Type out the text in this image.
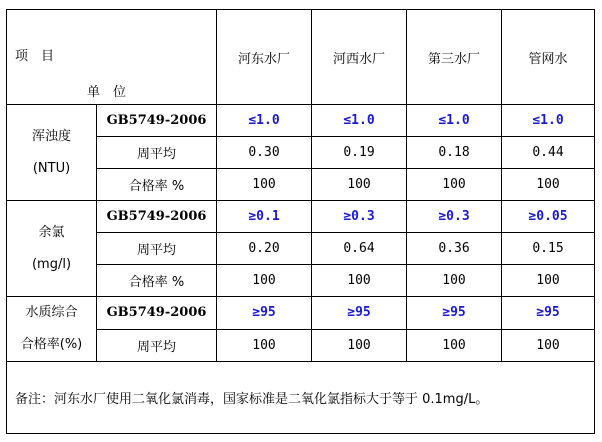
项　目
单　位		河东水厂	河西水厂	第三水厂	管网水

浑浊度
(NTU)	GB5749-2006	≤1.0	≤1.0	≤1.0	≤1.0
	周平均	0.30	0.19	0.18	0.44
	合格率 %	100	100	100	100

余氯
(mg/l)	GB5749-2006	≥0.1	≥0.3	≥0.3	≥0.05
	周平均	0.20	0.64	0.36	0.15
	合格率 %	100	100	100	100

水质综合
合格率(%)	GB5749-2006	≥95	≥95	≥95	≥95
	周平均	100	100	100	100
备注：河东水厂使用二氧化氯消毒，国家标准是二氧化氯指标大于等于 0.1mg/L。					
